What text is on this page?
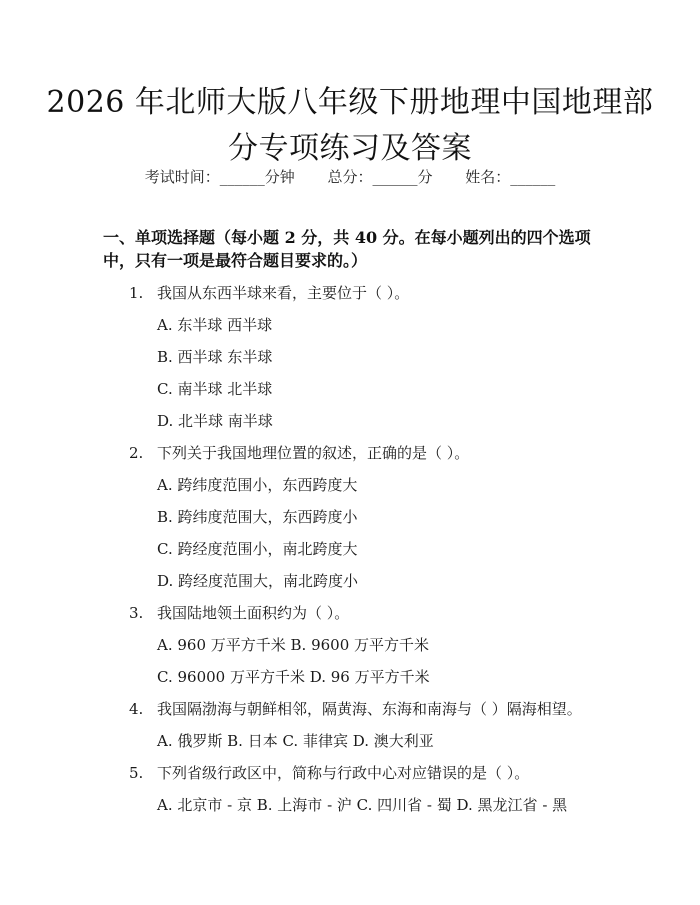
2026 年北师大版八年级下册地理中国地理部
分专项练习及答案
考试时间：______分钟 总分：______分 姓名：______

一、单项选择题（每小题 2 分，共 40 分。在每小题列出的四个选项中，只有一项是最符合题目要求的。）

1. 我国从东西半球来看，主要位于（ ）。
A. 东半球 西半球
B. 西半球 东半球
C. 南半球 北半球
D. 北半球 南半球
2. 下列关于我国地理位置的叙述，正确的是（ ）。
A. 跨纬度范围小，东西跨度大
B. 跨纬度范围大，东西跨度小
C. 跨经度范围小，南北跨度大
D. 跨经度范围大，南北跨度小
3. 我国陆地领土面积约为（ ）。
A. 960 万平方千米 B. 9600 万平方千米
C. 96000 万平方千米 D. 96 万平方千米
4. 我国隔渤海与朝鲜相邻，隔黄海、东海和南海与（ ）隔海相望。
A. 俄罗斯 B. 日本 C. 菲律宾 D. 澳大利亚
5. 下列省级行政区中，简称与行政中心对应错误的是（ ）。
A. 北京市 - 京 B. 上海市 - 沪 C. 四川省 - 蜀 D. 黑龙江省 - 黑
